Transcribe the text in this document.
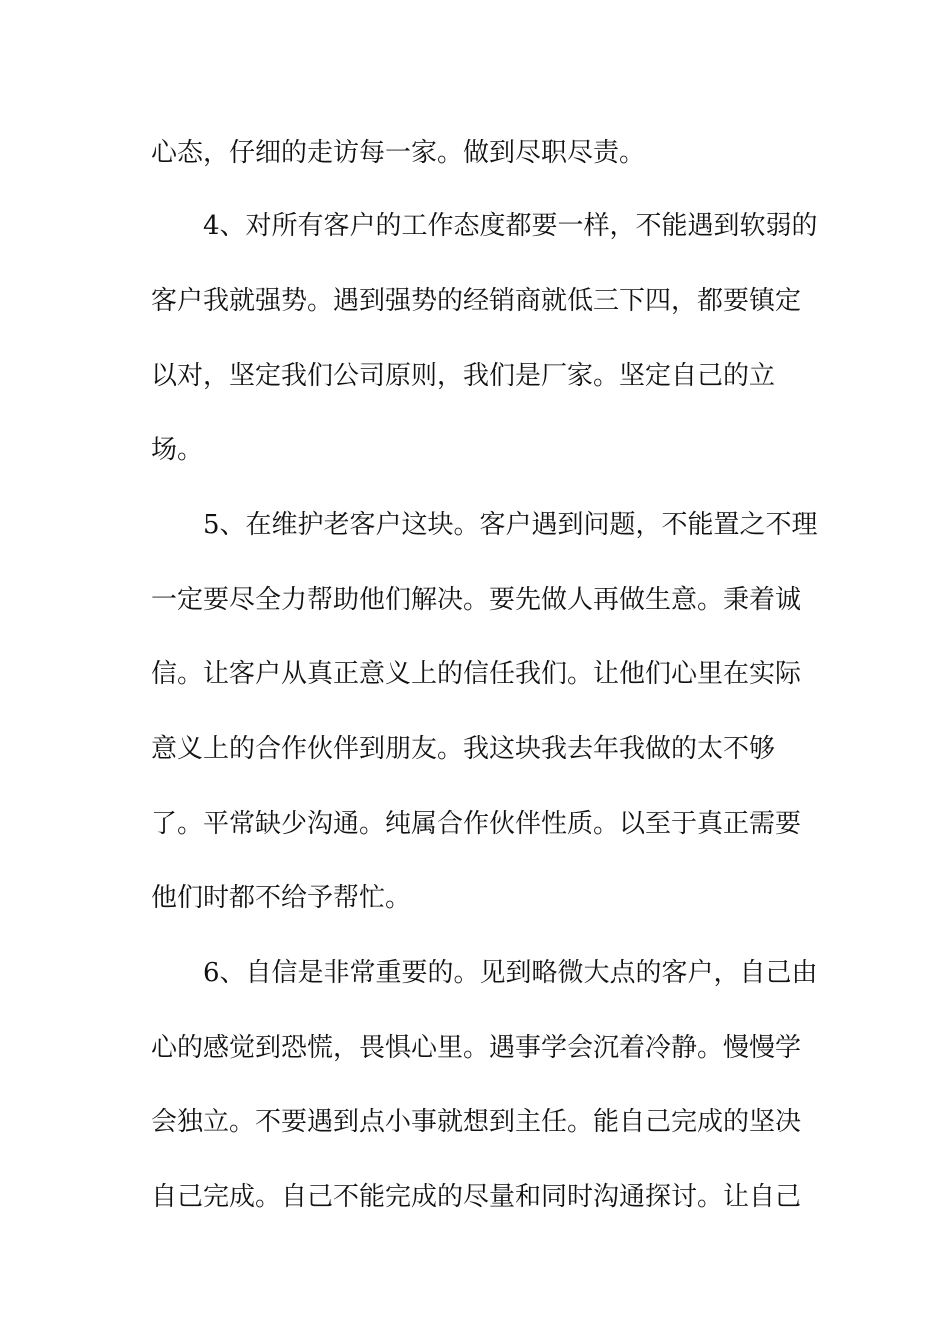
心态，仔细的走访每一家。做到尽职尽责。
4、对所有客户的工作态度都要一样，不能遇到软弱的
客户我就强势。遇到强势的经销商就低三下四，都要镇定
以对，坚定我们公司原则，我们是厂家。坚定自己的立
场。
5、在维护老客户这块。客户遇到问题，不能置之不理
一定要尽全力帮助他们解决。要先做人再做生意。秉着诚
信。让客户从真正意义上的信任我们。让他们心里在实际
意义上的合作伙伴到朋友。我这块我去年我做的太不够
了。平常缺少沟通。纯属合作伙伴性质。以至于真正需要
他们时都不给予帮忙。
6、自信是非常重要的。见到略微大点的客户，自己由
心的感觉到恐慌，畏惧心里。遇事学会沉着冷静。慢慢学
会独立。不要遇到点小事就想到主任。能自己完成的坚决
自己完成。自己不能完成的尽量和同时沟通探讨。让自己
